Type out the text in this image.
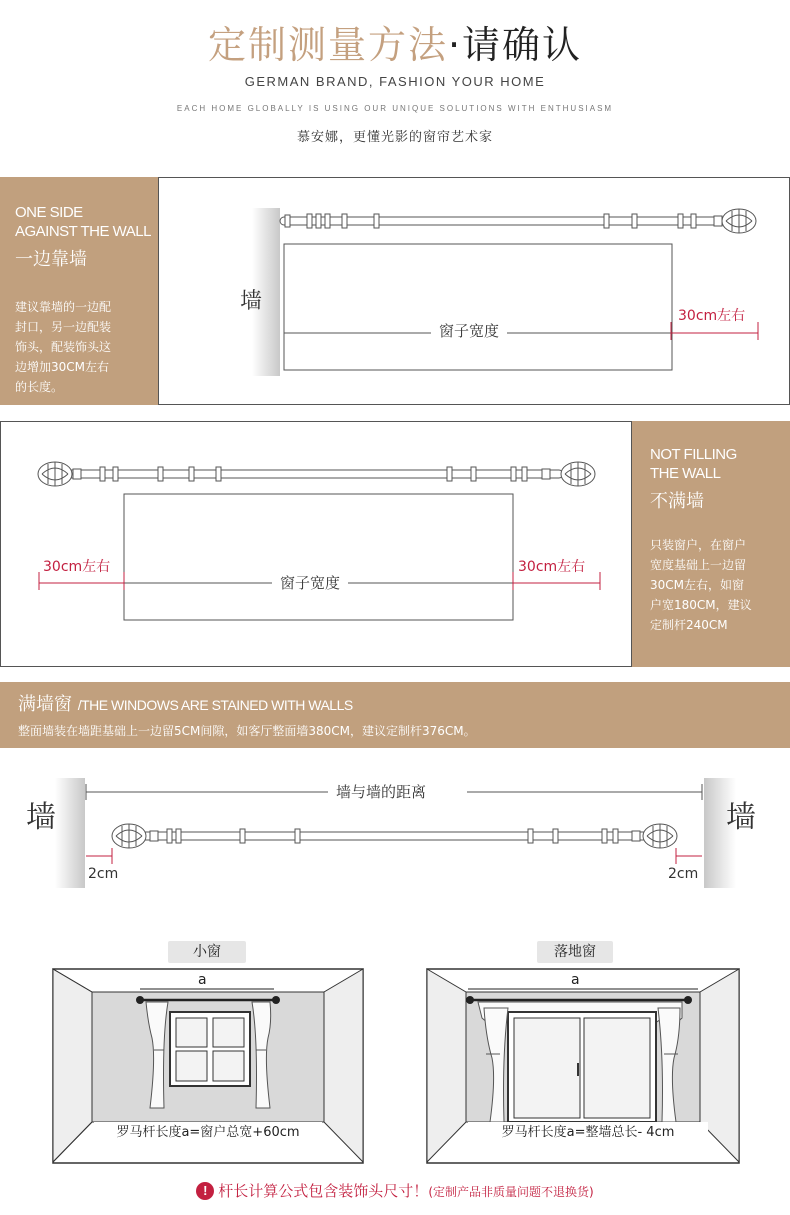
定制测量方法·请确认
GERMAN BRAND, FASHION YOUR HOME
EACH HOME GLOBALLY IS USING OUR UNIQUE SOLUTIONS WITH ENTHUSIASM
慕安娜，更懂光影的窗帘艺术家
ONE SIDE
AGAINST THE WALL
一边靠墙
建议靠墙的一边配
封口，另一边配装
饰头，配装饰头这
边增加30CM左右
的长度。
墙
窗子宽度
30cm左右
窗子宽度
30cm左右	30cm左右
NOT FILLING
THE WALL
不满墙
只装窗户，在窗户
宽度基础上一边留
30CM左右，如窗
户宽180CM，建议
定制杆240CM
满墙窗 /THE WINDOWS ARE STAINED WITH WALLS
整面墙装在墙距基础上一边留5CM间隙，如客厅整面墙380CM，建议定制杆376CM。
墙与墙的距离
墙	墙
2cm	2cm
小窗	落地窗
a
罗马杆长度a=窗户总宽+60cm
a
罗马杆长度a=整墙总长- 4cm
! 杆长计算公式包含装饰头尺寸！(定制产品非质量问题不退换货)
